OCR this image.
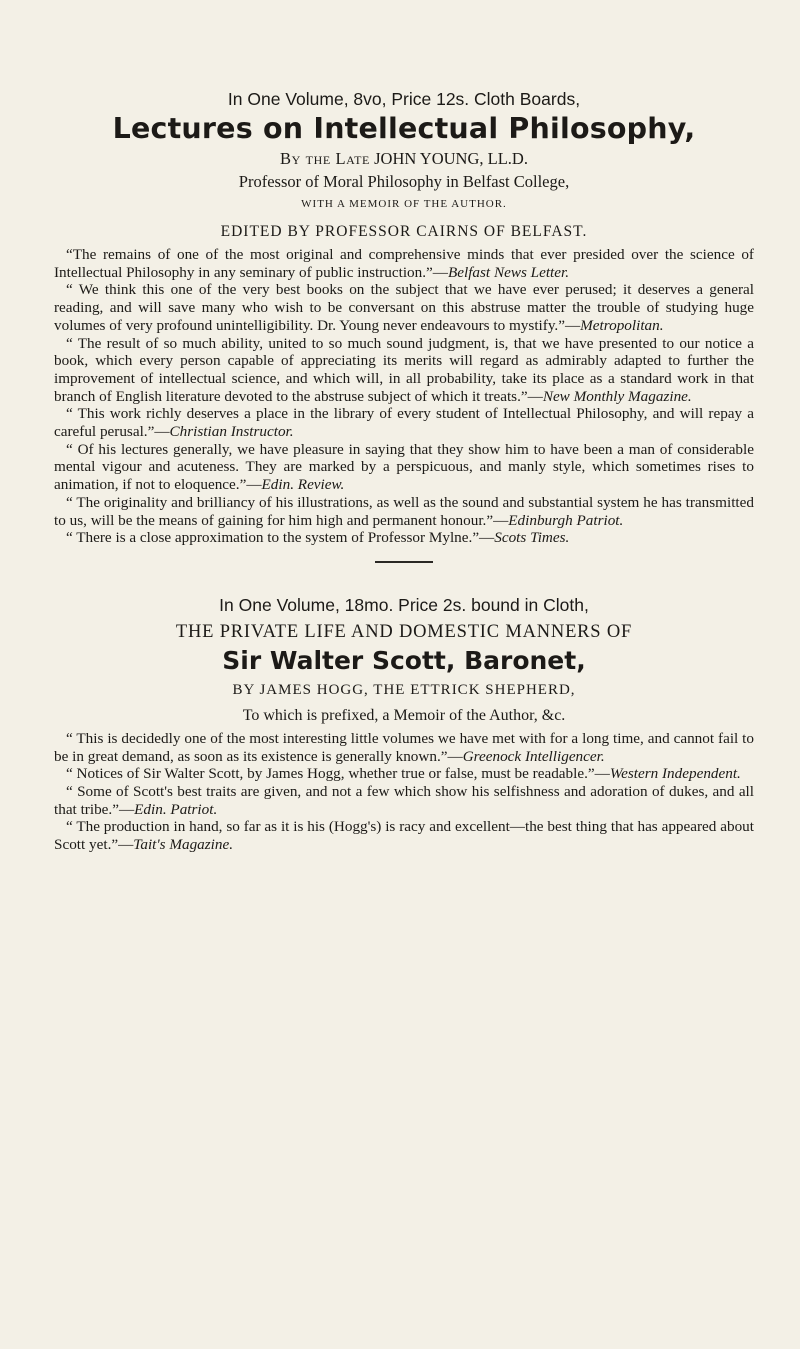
In One Volume, 8vo, Price 12s. Cloth Boards,

Lectures on Intellectual Philosophy,

By the Late JOHN YOUNG, LL.D.

Professor of Moral Philosophy in Belfast College,

WITH A MEMOIR OF THE AUTHOR.

EDITED BY PROFESSOR CAIRNS OF BELFAST.

“The remains of one of the most original and comprehensive minds that ever presided over the science of Intellectual Philosophy in any seminary of public instruction.”—Belfast News Letter.

“ We think this one of the very best books on the subject that we have ever perused; it deserves a general reading, and will save many who wish to be conversant on this abstruse matter the trouble of studying huge volumes of very profound unintelligibility. Dr. Young never endeavours to mystify.”—Metropolitan.

“ The result of so much ability, united to so much sound judgment, is, that we have presented to our notice a book, which every person capable of appreciating its merits will regard as admirably adapted to further the improvement of intellectual science, and which will, in all probability, take its place as a standard work in that branch of English literature devoted to the abstruse subject of which it treats.”—New Monthly Magazine.

“ This work richly deserves a place in the library of every student of Intellectual Philosophy, and will repay a careful perusal.”—Christian Instructor.

“ Of his lectures generally, we have pleasure in saying that they show him to have been a man of considerable mental vigour and acuteness. They are marked by a perspicuous, and manly style, which sometimes rises to animation, if not to eloquence.”—Edin. Review.

“ The originality and brilliancy of his illustrations, as well as the sound and substantial system he has transmitted to us, will be the means of gaining for him high and permanent honour.”—Edinburgh Patriot.

“ There is a close approximation to the system of Professor Mylne.”—Scots Times.

In One Volume, 18mo. Price 2s. bound in Cloth,

THE PRIVATE LIFE AND DOMESTIC MANNERS OF

Sir Walter Scott, Baronet,

BY JAMES HOGG, THE ETTRICK SHEPHERD,

To which is prefixed, a Memoir of the Author, &c.

“ This is decidedly one of the most interesting little volumes we have met with for a long time, and cannot fail to be in great demand, as soon as its existence is generally known.”—Greenock Intelligencer.

“ Notices of Sir Walter Scott, by James Hogg, whether true or false, must be readable.”—Western Independent.

“ Some of Scott's best traits are given, and not a few which show his selfishness and adoration of dukes, and all that tribe.”—Edin. Patriot.

“ The production in hand, so far as it is his (Hogg's) is racy and excellent—the best thing that has appeared about Scott yet.”—Tait's Magazine.
